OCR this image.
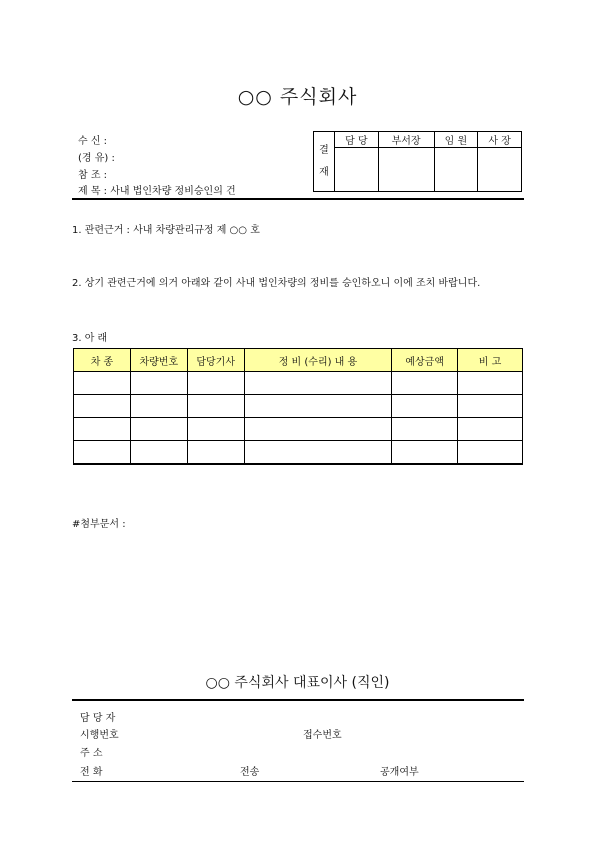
○○ 주식회사
수 신 :
(경 유) :
참 조 :
제 목 : 사내 법인차량 정비승인의 건
결

재	담 당	부서장	임 원	사 장

1. 관련근거 : 사내 차량관리규정 제 ○○ 호
2. 상기 관련근거에 의거 아래와 같이 사내 법인차량의 정비를 승인하오니 이에 조치 바랍니다.
3. 아 래
차 종	차량번호	담당기사	정 비 (수리) 내 용	예상금액	비 고

#첨부문서 :
○○ 주식회사 대표이사 (직인)
담 당 자
시행번호	접수번호
주 소
전 화	전송	공개여부
